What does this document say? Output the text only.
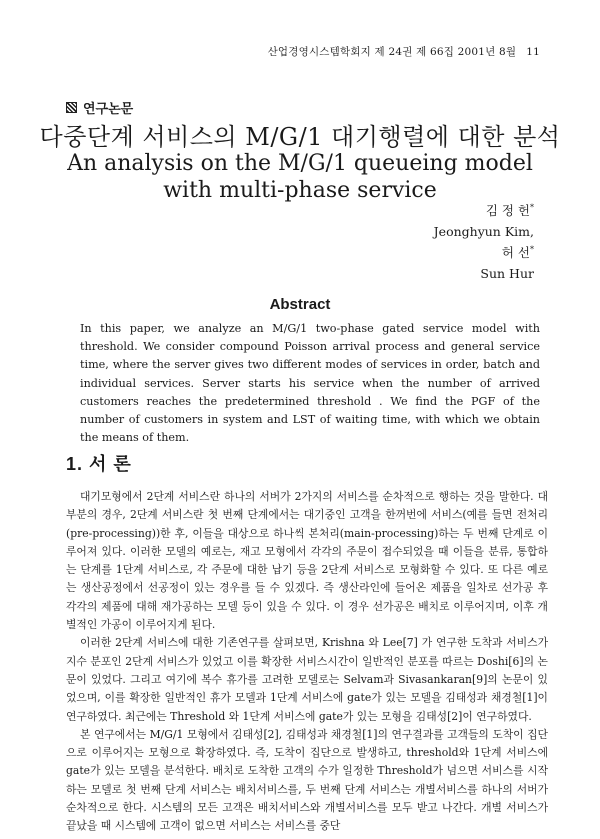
산업경영시스템학회지 제 24권 제 66집 2001년 8월 11
연구논문
다중단계 서비스의 M/G/1 대기행렬에 대한 분석
An analysis on the M/G/1 queueing model
with multi-phase service
김 정 헌*
Jeonghyun Kim,
허 선*
Sun Hur
Abstract
In this paper, we analyze an M/G/1 two-phase gated service model with threshold. We consider compound Poisson arrival process and general service time, where the server gives two different modes of services in order, batch and individual services. Server starts his service when the number of arrived customers reaches the predetermined threshold . We find the PGF of the number of customers in system and LST of waiting time, with which we obtain the means of them.
1. 서 론

대기모형에서 2단계 서비스란 하나의 서버가 2가지의 서비스를 순차적으로 행하는 것을 말한다. 대부분의 경우, 2단계 서비스란 첫 번째 단계에서는 대기중인 고객을 한꺼번에 서비스(예를 들면 전처리(pre-processing))한 후, 이들을 대상으로 하나씩 본처리(main-processing)하는 두 번째 단계로 이루어져 있다. 이러한 모델의 예로는, 재고 모형에서 각각의 주문이 접수되었을 때 이들을 분류, 통합하는 단계를 1단계 서비스로, 각 주문에 대한 납기 등을 2단계 서비스로 모형화할 수 있다. 또 다른 예로는 생산공정에서 선공정이 있는 경우를 들 수 있겠다. 즉 생산라인에 들어온 제품을 일차로 선가공 후 각각의 제품에 대해 재가공하는 모델 등이 있을 수 있다. 이 경우 선가공은 배치로 이루어지며, 이후 개별적인 가공이 이루어지게 된다.

이러한 2단계 서비스에 대한 기존연구를 살펴보면, Krishna 와 Lee[7] 가 연구한 도착과 서비스가 지수 분포인 2단계 서비스가 있었고 이를 확장한 서비스시간이 일반적인 분포를 따르는 Doshi[6]의 논문이 있었다. 그리고 여기에 복수 휴가를 고려한 모델로는 Selvam과 Sivasankaran[9]의 논문이 있었으며, 이를 확장한 일반적인 휴가 모델과 1단계 서비스에 gate가 있는 모델을 김태성과 채경철[1]이 연구하였다. 최근에는 Threshold 와 1단계 서비스에 gate가 있는 모형을 김태성[2]이 연구하였다.

본 연구에서는 M/G/1 모형에서 김태성[2], 김태성과 채경철[1]의 연구결과를 고객들의 도착이 집단으로 이루어지는 모형으로 확장하였다. 즉, 도착이 집단으로 발생하고, threshold와 1단계 서비스에 gate가 있는 모델을 분석한다. 배치로 도착한 고객의 수가 일정한 Threshold가 넘으면 서비스를 시작하는 모델로 첫 번째 단계 서비스는 배치서비스를, 두 번째 단계 서비스는 개별서비스를 하나의 서버가 순차적으로 한다. 시스템의 모든 고객은 배치서비스와 개별서비스를 모두 받고 나간다. 개별 서비스가 끝났을 때 시스템에 고객이 없으면 서비스는 서비스를 중단
